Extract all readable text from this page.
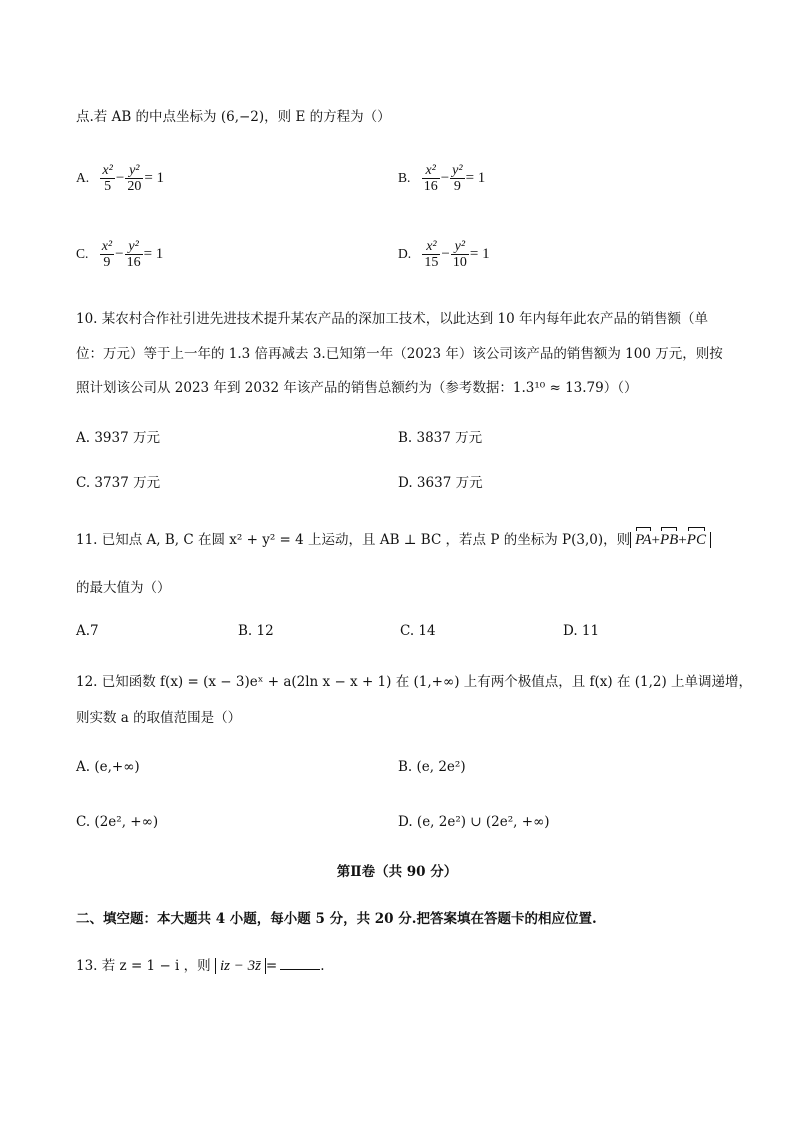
点.若 AB 的中点坐标为 (6,−2)，则 E 的方程为（）
A. $\frac{\text{x²}}{5} - \frac{\text{y²}}{20} = 1$	B. $\frac{\text{x²}}{16} - \frac{\text{y²}}{9} = 1$
C. $\frac{\text{x²}}{9} - \frac{\text{y²}}{16} = 1$	D. $\frac{\text{x²}}{15} - \frac{\text{y²}}{10} = 1$
10. 某农村合作社引进先进技术提升某农产品的深加工技术，以此达到 10 年内每年此农产品的销售额（单
位：万元）等于上一年的 1.3 倍再减去 3.已知第一年（2023 年）该公司该产品的销售额为 100 万元，则按
照计划该公司从 2023 年到 2032 年该产品的销售总额约为（参考数据：1.3¹⁰ ≈ 13.79）（）
A. 3937 万元	B. 3837 万元
C. 3737 万元	D. 3637 万元
11. 已知点 A, B, C 在圆 x² + y² = 4 上运动，且 AB ⊥ BC ，若点 P 的坐标为 P(3,0)，则 PA+PB+PC
的最大值为（）
A.7	B. 12	C. 14	D. 11
12. 已知函数 f(x) = (x − 3)eˣ + a(2ln x − x + 1) 在 (1,+∞) 上有两个极值点，且 f(x) 在 (1,2) 上单调递增，
则实数 a 的取值范围是（）
A. (e,+∞)	B. (e, 2e²)
C. (2e², +∞)	D. (e, 2e²) ∪ (2e², +∞)
第Ⅱ卷（共 90 分）
二、填空题：本大题共 4 小题，每小题 5 分，共 20 分.把答案填在答题卡的相应位置.
13. 若 z = 1 − i ，则 iz − 3z̄ =	.
